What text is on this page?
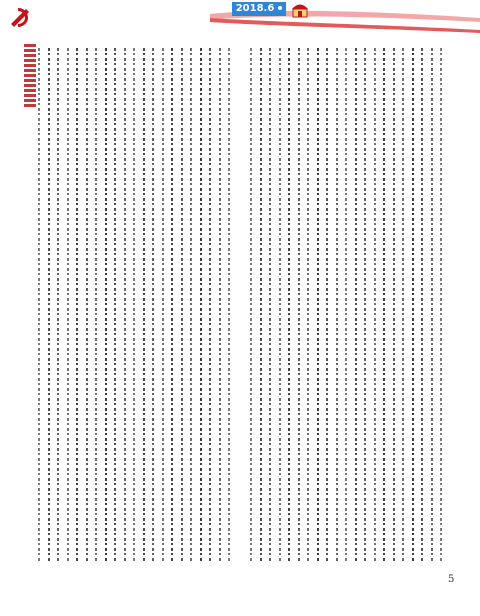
2018.6
5
